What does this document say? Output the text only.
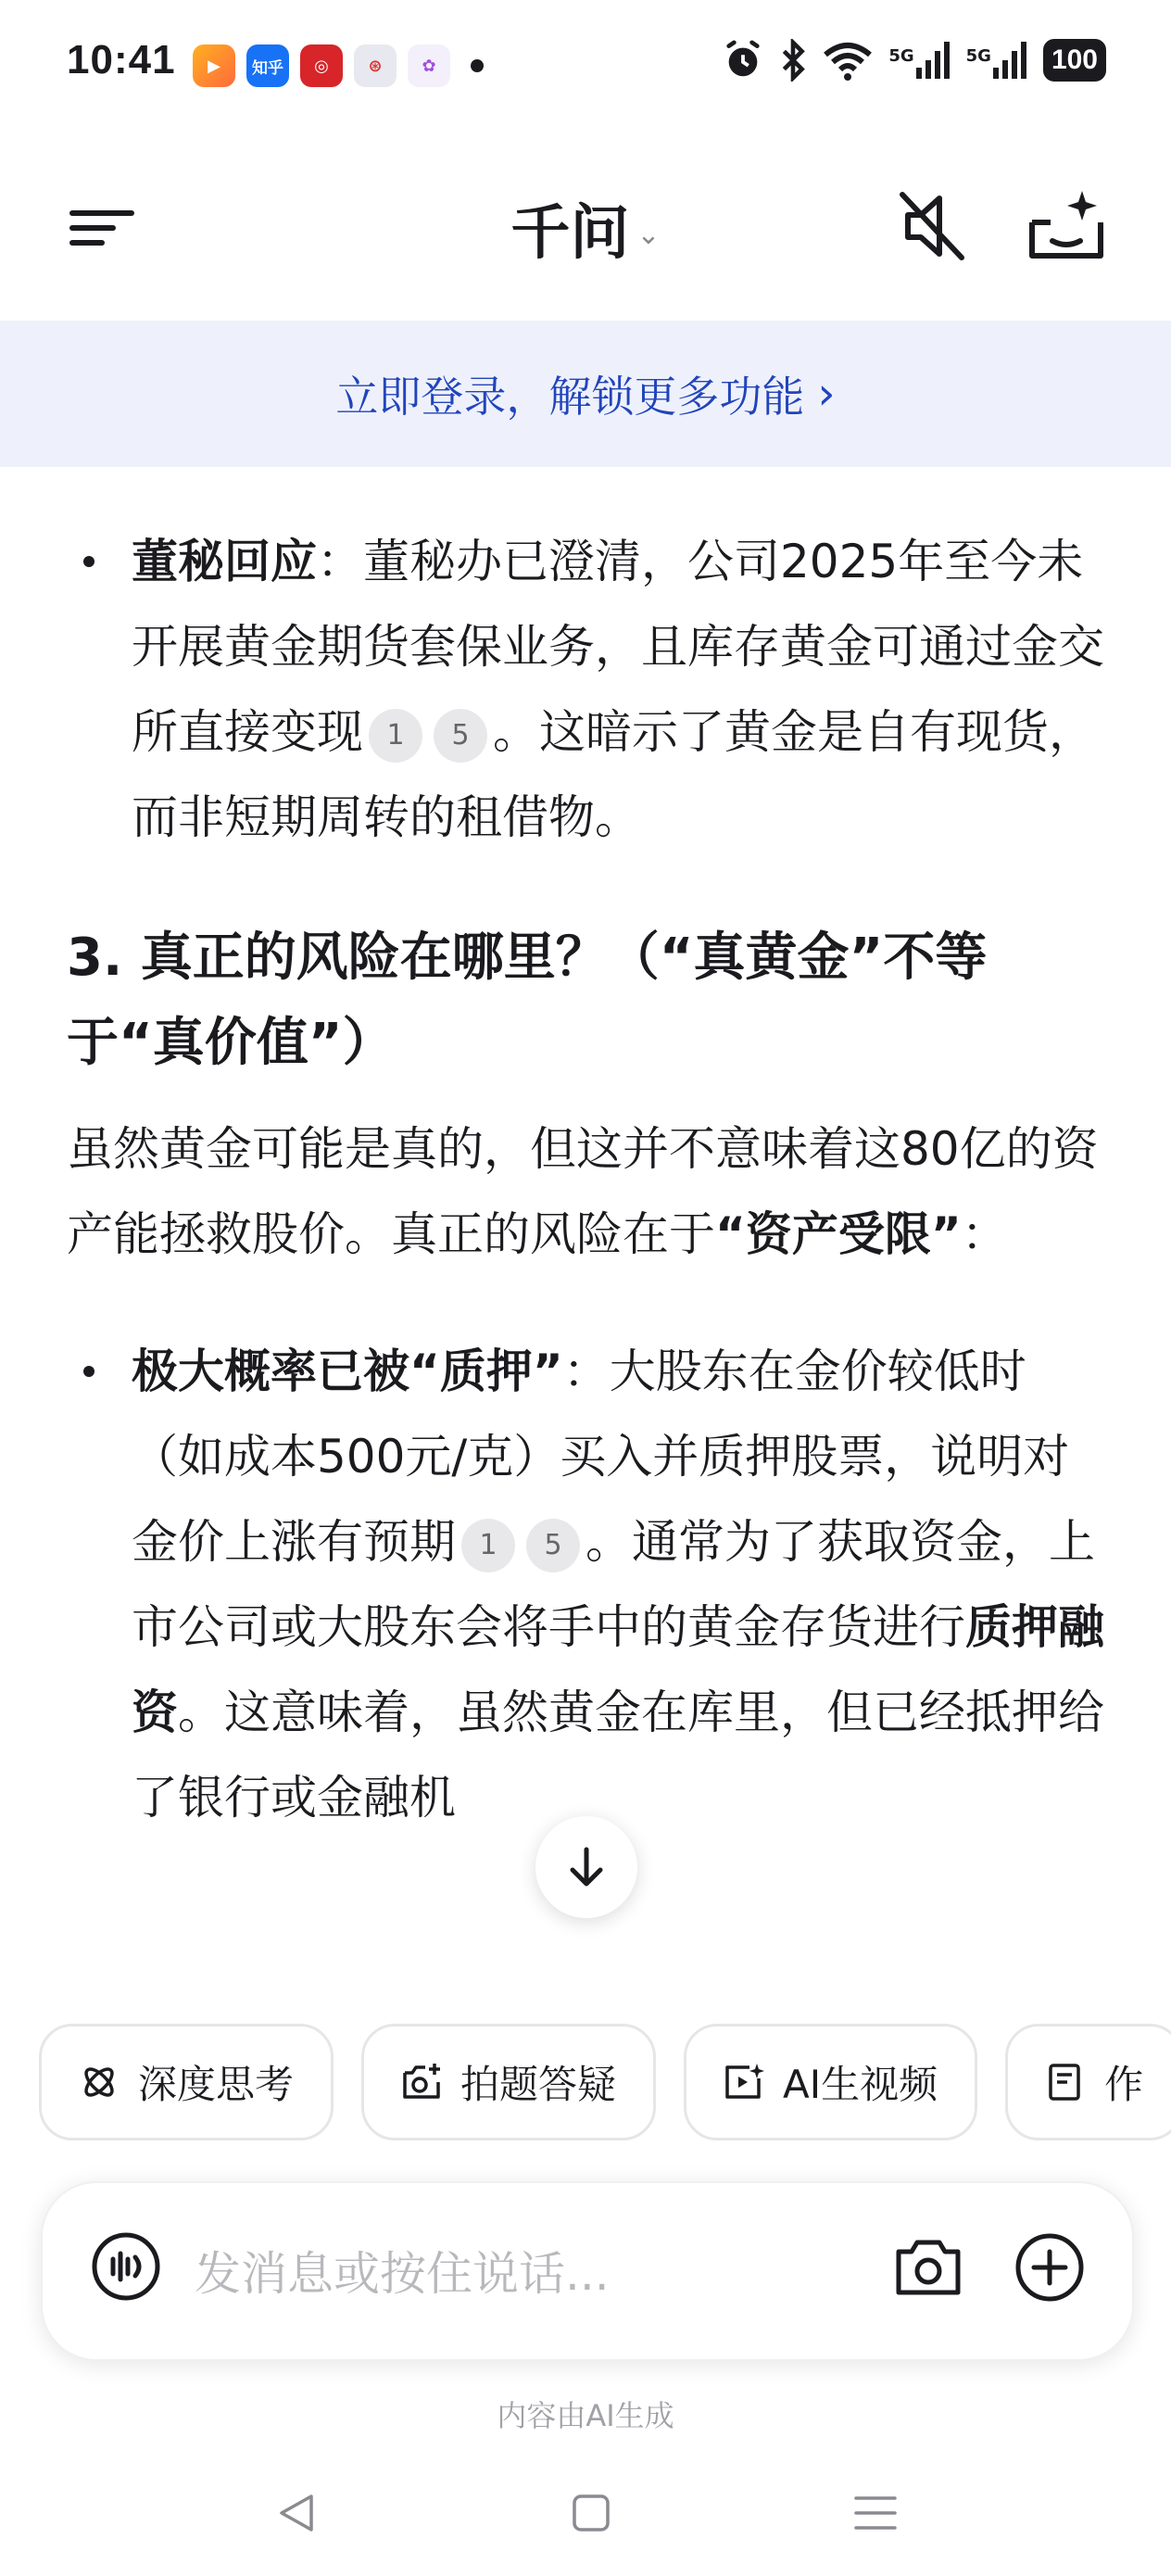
10:41	▶	知乎	◎	⊛	✿	5G	5G	100
千问 ⌄
立即登录，解锁更多功能 ›
董秘回应：董秘办已澄清，公司2025年至今未开展黄金期货套保业务，且库存黄金可通过金交所直接变现 1 5 。这暗示了黄金是自有现货，而非短期周转的租借物。
3. 真正的风险在哪里？（“真黄金”不等于“真价值”）
虽然黄金可能是真的，但这并不意味着这80亿的资产能拯救股价。真正的风险在于“资产受限”：
极大概率已被“质押”：大股东在金价较低时（如成本500元/克）买入并质押股票，说明对金价上涨有预期 1 5 。通常为了获取资金，上市公司或大股东会将手中的黄金存货进行质押融资。这意味着，虽然黄金在库里，但已经抵押给了银行或金融机
深度思考	拍题答疑	AI生视频	作
发消息或按住说话...
内容由AI生成
